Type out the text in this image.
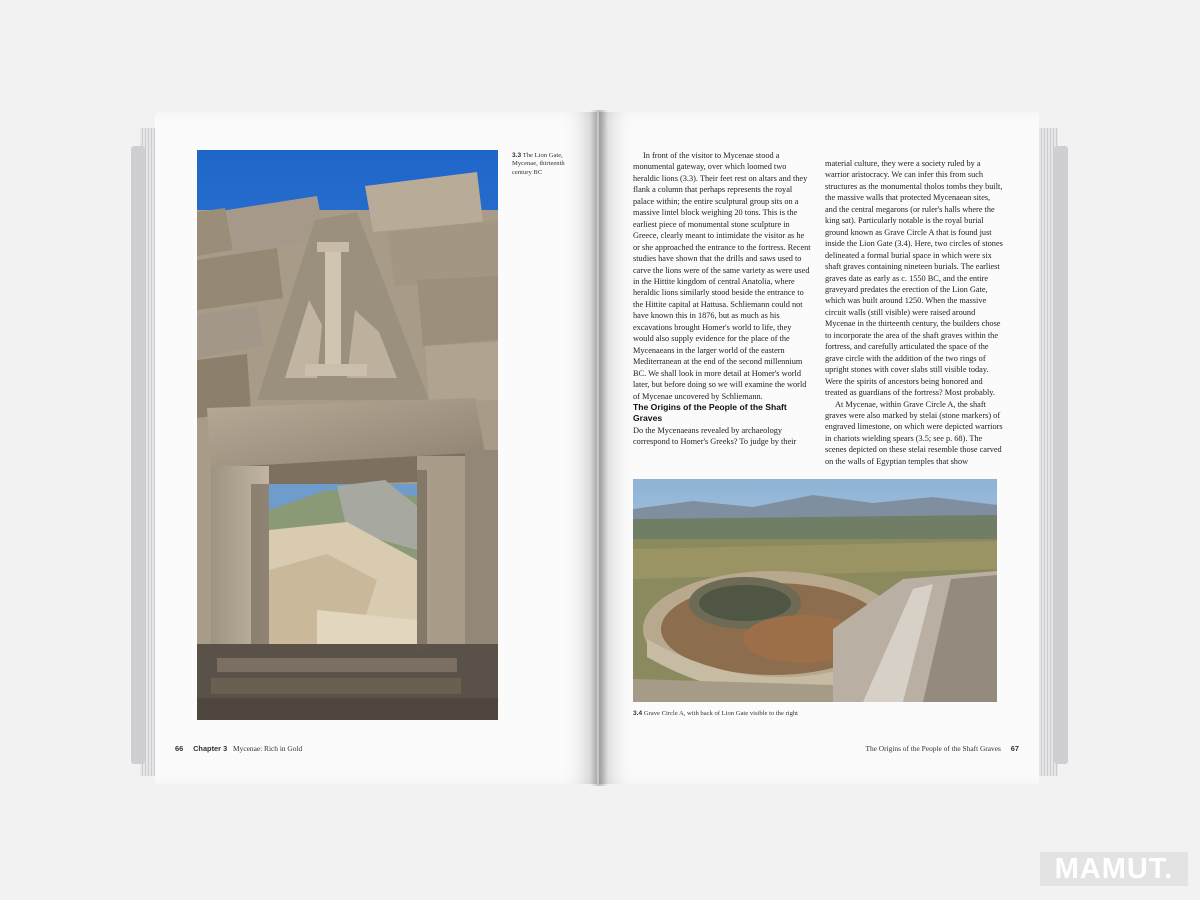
3.3 The Lion Gate, Mycenae, thirteenth century BC
66 Chapter 3 Mycenae: Rich in Gold

In front of the visitor to Mycenae stood a monumental gateway, over which loomed two heraldic lions (3.3). Their feet rest on altars and they flank a column that perhaps represents the royal palace within; the entire sculptural group sits on a massive lintel block weighing 20 tons. This is the earliest piece of monumental stone sculpture in Greece, clearly meant to intimidate the visitor as he or she approached the entrance to the fortress. Recent studies have shown that the drills and saws used to carve the lions were of the same variety as were used in the Hittite kingdom of central Anatolia, where heraldic lions similarly stood beside the entrance to the Hittite capital at Hattusa. Schliemann could not have known this in 1876, but as much as his excavations brought Homer's world to life, they would also supply evidence for the place of the Mycenaeans in the larger world of the eastern Mediterranean at the end of the second millennium BC. We shall look in more detail at Homer's world later, but before doing so we will examine the world of Mycenae uncovered by Schliemann.

The Origins of the People of the Shaft Graves

Do the Mycenaeans revealed by archaeology correspond to Homer's Greeks? To judge by their

material culture, they were a society ruled by a warrior aristocracy. We can infer this from such structures as the monumental tholos tombs they built, the massive walls that protected Mycenaean sites, and the central megarons (or ruler's halls where the king sat). Particularly notable is the royal burial ground known as Grave Circle A that is found just inside the Lion Gate (3.4). Here, two circles of stones delineated a formal burial space in which were six shaft graves containing nineteen burials. The earliest graves date as early as c. 1550 BC, and the entire graveyard predates the erection of the Lion Gate, which was built around 1250. When the massive circuit walls (still visible) were raised around Mycenae in the thirteenth century, the builders chose to incorporate the area of the shaft graves within the fortress, and carefully articulated the space of the grave circle with the addition of the two rings of upright stones with cover slabs still visible today. Were the spirits of ancestors being honored and treated as guardians of the fortress? Most probably.

At Mycenae, within Grave Circle A, the shaft graves were also marked by stelai (stone markers) of engraved limestone, on which were depicted warriors in chariots wielding spears (3.5; see p. 68). The scenes depicted on these stelai resemble those carved on the walls of Egyptian temples that show

3.4 Grave Circle A, with back of Lion Gate visible to the right
The Origins of the People of the Shaft Graves 67
MAMUT.
